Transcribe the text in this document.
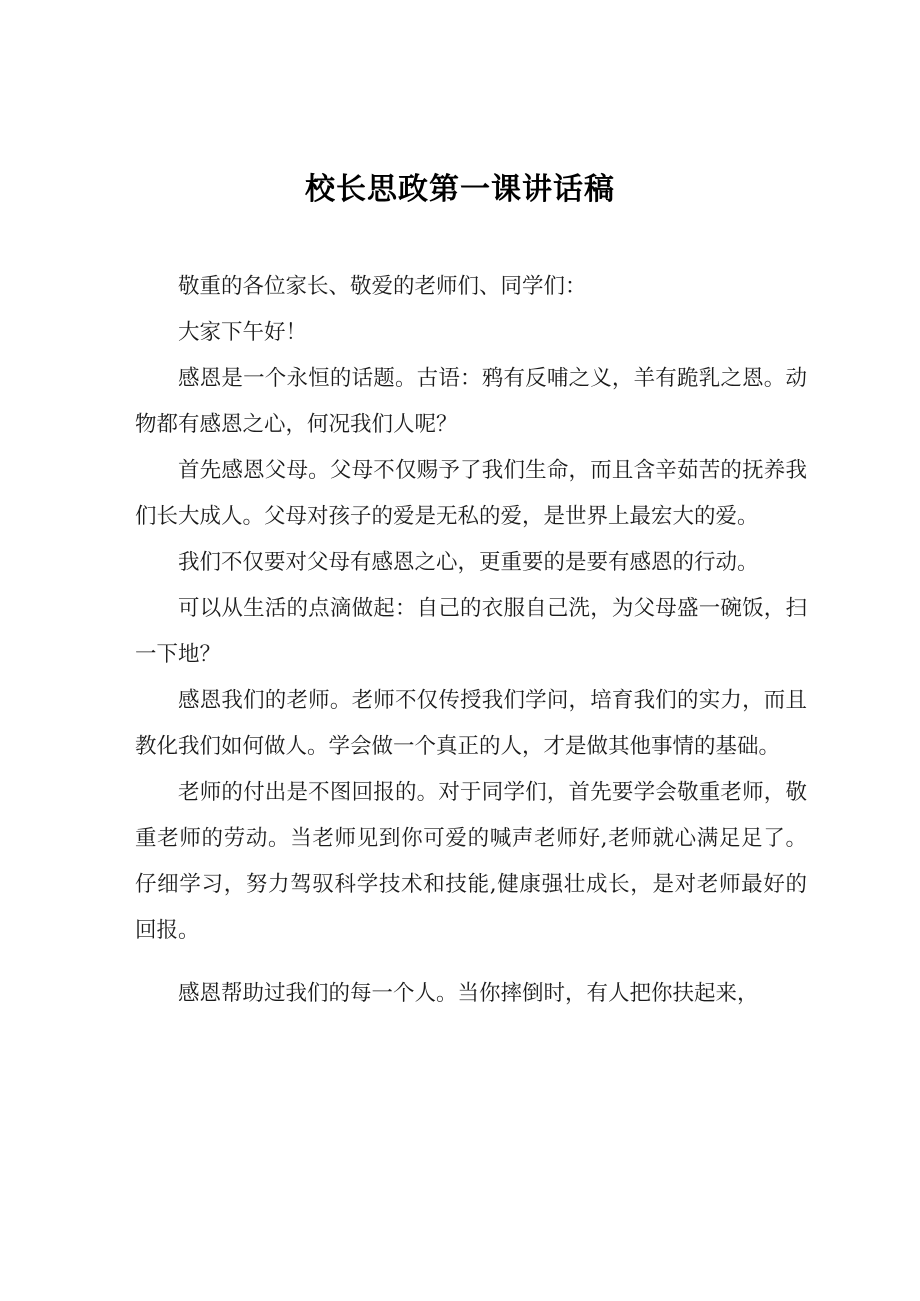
校长思政第一课讲话稿

敬重的各位家长、敬爱的老师们、同学们：

大家下午好！

感恩是一个永恒的话题。古语：鸦有反哺之义，羊有跪乳之恩。动物都有感恩之心，何况我们人呢？

首先感恩父母。父母不仅赐予了我们生命，而且含辛茹苦的抚养我们长大成人。父母对孩子的爱是无私的爱，是世界上最宏大的爱。

我们不仅要对父母有感恩之心，更重要的是要有感恩的行动。

可以从生活的点滴做起：自己的衣服自己洗，为父母盛一碗饭，扫一下地？

感恩我们的老师。老师不仅传授我们学问，培育我们的实力，而且教化我们如何做人。学会做一个真正的人，才是做其他事情的基础。

老师的付出是不图回报的。对于同学们，首先要学会敬重老师，敬重老师的劳动。当老师见到你可爱的喊声老师好,老师就心满足足了。仔细学习，努力驾驭科学技术和技能,健康强壮成长，是对老师最好的回报。

感恩帮助过我们的每一个人。当你摔倒时，有人把你扶起来，
